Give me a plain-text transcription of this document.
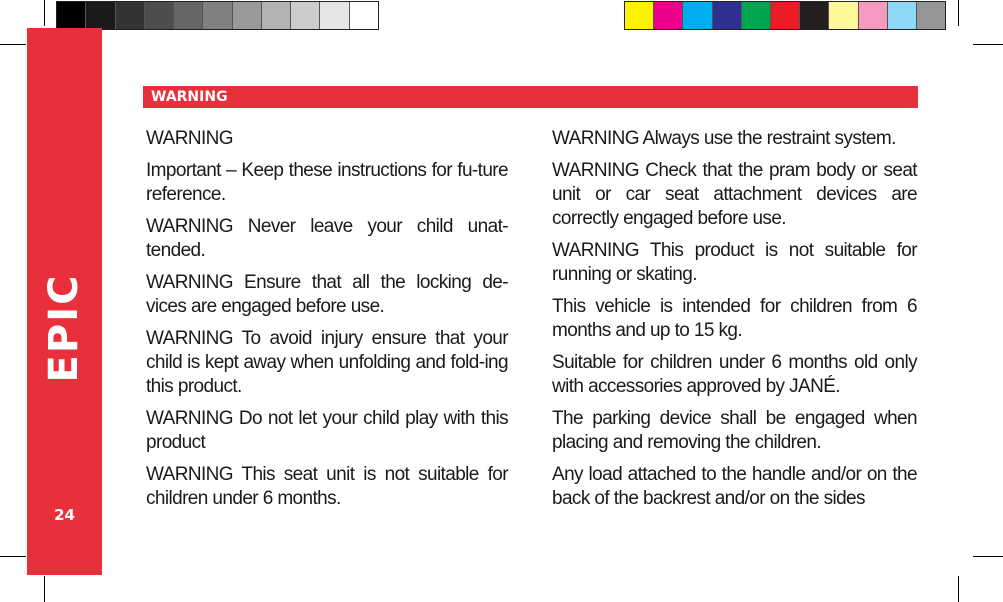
EPIC
24
WARNING

WARNING

Important – Keep these instructions for fu-ture reference.

WARNING Never leave your child unat-tended.

WARNING Ensure that all the locking de-vices are engaged before use.

WARNING To avoid injury ensure that your child is kept away when unfolding and fold-ing this product.

WARNING Do not let your child play with this product

WARNING This seat unit is not suitable for children under 6 months.

WARNING Always use the restraint system.

WARNING Check that the pram body or seat unit or car seat attachment devices are correctly engaged before use.

WARNING This product is not suitable for running or skating.

This vehicle is intended for children from 6 months and up to 15 kg.

Suitable for children under 6 months old only with accessories approved by JANÉ.

The parking device shall be engaged when placing and removing the children.

Any load attached to the handle and/or on the back of the backrest and/or on the sides
